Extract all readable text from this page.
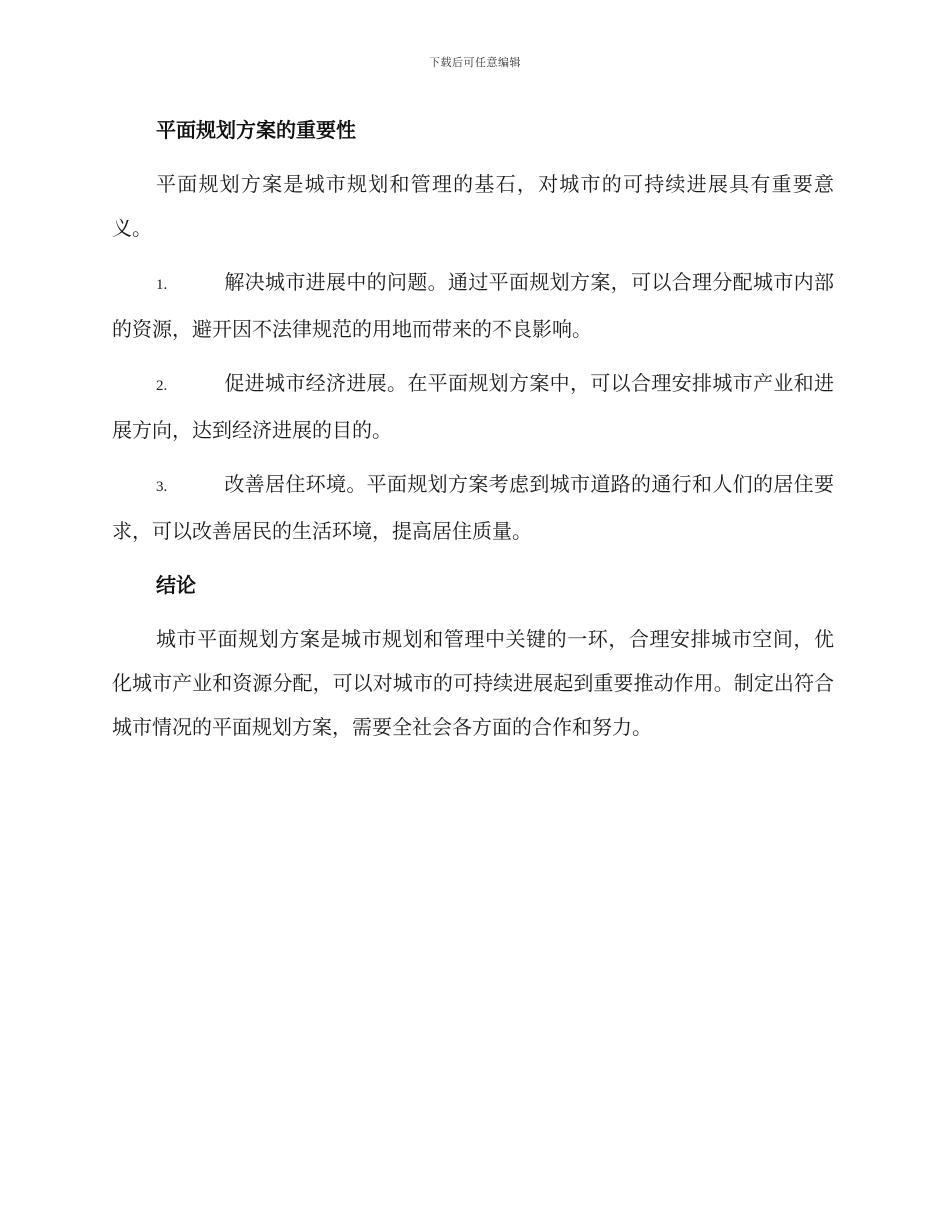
下载后可任意编辑
平面规划方案的重要性

平面规划方案是城市规划和管理的基石，对城市的可持续进展具有重要意义。

1.	解决城市进展中的问题。通过平面规划方案，可以合理分配城市内部的资源，避开因不法律规范的用地而带来的不良影响。

2.	促进城市经济进展。在平面规划方案中，可以合理安排城市产业和进展方向，达到经济进展的目的。

3.	改善居住环境。平面规划方案考虑到城市道路的通行和人们的居住要求，可以改善居民的生活环境，提高居住质量。

结论

城市平面规划方案是城市规划和管理中关键的一环，合理安排城市空间，优化城市产业和资源分配，可以对城市的可持续进展起到重要推动作用。制定出符合城市情况的平面规划方案，需要全社会各方面的合作和努力。
